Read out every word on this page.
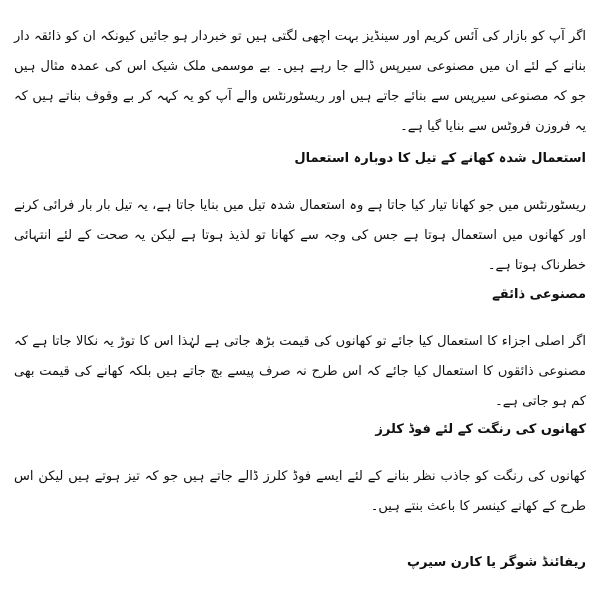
اگر آپ کو بازار کی آئس کریم اور سینڈیز بہت اچھی لگتی ہیں تو خبردار ہو جائیں کیونکہ ان کو ذائقہ دار بنانے کے لئے ان میں مصنوعی سیرپس ڈالے جا رہے ہیں۔ بے موسمی ملک شیک اس کی عمدہ مثال ہیں جو کہ مصنوعی سیرپس سے بنائے جاتے ہیں اور ریسٹورنٹس والے آپ کو یہ کہہ کر بے وقوف بناتے ہیں کہ یہ فروزن فروٹس سے بنایا گیا ہے۔

استعمال شدہ کھانے کے تیل کا دوبارہ استعمال

ریسٹورنٹس میں جو کھانا تیار کیا جاتا ہے وہ استعمال شدہ تیل میں بنایا جاتا ہے، یہ تیل بار بار فرائی کرنے اور کھانوں میں استعمال ہوتا ہے جس کی وجہ سے کھانا تو لذیذ ہوتا ہے لیکن یہ صحت کے لئے انتہائی خطرناک ہوتا ہے۔

مصنوعی ذائقے

اگر اصلی اجزاء کا استعمال کیا جائے تو کھانوں کی قیمت بڑھ جاتی ہے لہٰذا اس کا توڑ یہ نکالا جاتا ہے کہ مصنوعی ذائقوں کا استعمال کیا جائے کہ اس طرح نہ صرف پیسے بچ جاتے ہیں بلکہ کھانے کی قیمت بھی کم ہو جاتی ہے۔

کھانوں کی رنگت کے لئے فوڈ کلرز

کھانوں کی رنگت کو جاذب نظر بنانے کے لئے ایسے فوڈ کلرز ڈالے جاتے ہیں جو کہ تیز ہوتے ہیں لیکن اس طرح کے کھانے کینسر کا باعث بنتے ہیں۔

ریفائنڈ شوگر یا کارن سیرپ
